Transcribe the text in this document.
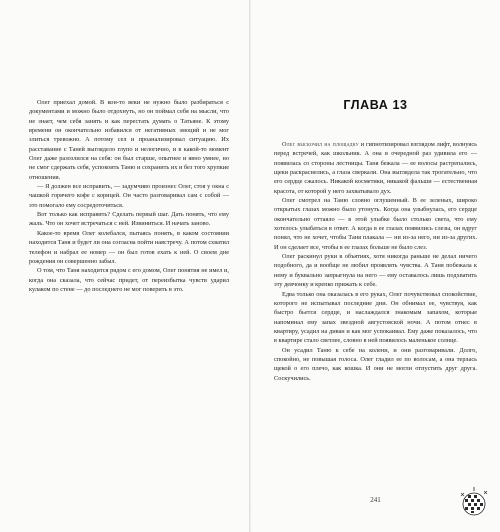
Олег приехал домой. В кон-то веки не нужно было разбираться с документами и можно было отдохнуть, но он поймал себя на мысли, что не знает, чем себя занять и как перестать думать о Татьяне. К этому времени он окончательно избавился от негативных эмоций и не мог злиться тревожно. А потому сел и проанализировал ситуацию. Их расставание с Таней выглядело глупо и нелогично, и в какой-то момент Олег даже разозлился на себя: он был старше, опытнее и явно умнее, но не смог сдержать себя, успокоить Таню и сохранить их и без того хрупкие отношения.

— Я должен все исправить, — задумчиво произнес Олег, стоя у окна с чашкой горячего кофе с корицей. Он часто разговаривал сам с собой — это помогало ему сосредоточиться.

Вот только как исправить? Сделать первый шаг. Дать понять, что ему жаль. Что он хочет встречаться с ней. Извиниться. И начать заново.

Какое-то время Олег колебался, пытаясь понять, в каком состоянии находится Таня и будет ли она согласна пойти навстречу. А потом схватил телефон и набрал ее номер — он был готов ехать к ней. О своем дне рождения он совершенно забыл.

О том, что Таня находится рядом с его домом, Олег понятия не имел и, когда она сказала, что сейчас придет, от переизбытка чувств ударил кулаком по стене — до последнего не мог поверить в это.

ГЛАВА 13

Олег выскочил на площадку и гипнотизировал взглядом лифт, волнуясь перед встречей, как школьник. А она в очередной раз удивила его — появилась со стороны лестницы. Таня бежала — ее волосы растрепались, щеки раскраснелись, а глаза сверкали. Она выглядела так трогательно, что его сердце сжалось. Никакой косметики, никакой фальши — естественная красота, от которой у него захватывало дух.

Олег смотрел на Таню словно оглушенный. В ее зеленых, широко открытых глазах можно было утонуть. Когда она улыбнулась, его сердце окончательно оттаяло — в этой улыбке было столько света, что ему хотелось улыбаться в ответ. А когда в ее глазах появились слезы, он вдруг понял, что не хочет, чтобы Таня плакала — ни из-за него, ни из-за других. И он сделает все, чтобы в ее глазах больше не было слез.

Олег раскинул руки в объятиях, хотя никогда раньше не делал ничего подобного, да и вообще не любил проявлять чувства. А Таня побежала к нему и буквально запрыгнула на него — ему оставалось лишь подхватить эту девчонку и крепко прижать к себе.

Едва только она оказалась в его руках, Олег почувствовал спокойствие, которого не испытывал последние дни. Он обнимал ее, чувствуя, как быстро бьется сердце, и наслаждался знакомым запахом, которые напоминал ему запах звездной августовской ночи. А потом отнес в квартиру, усадил на диван и как мог успокаивал. Ему даже показалось, что в квартире стало светлее, словно в ней появилось маленькое солнце.

Он усадил Таню к себе на колени, и они разговаривали. Долго, спокойно, не повышая голоса. Олег гладил ее по волосам, а она терлась щекой о его плечо, как кошка. И они не могли отпустить друг друга. Соскучились.

241
